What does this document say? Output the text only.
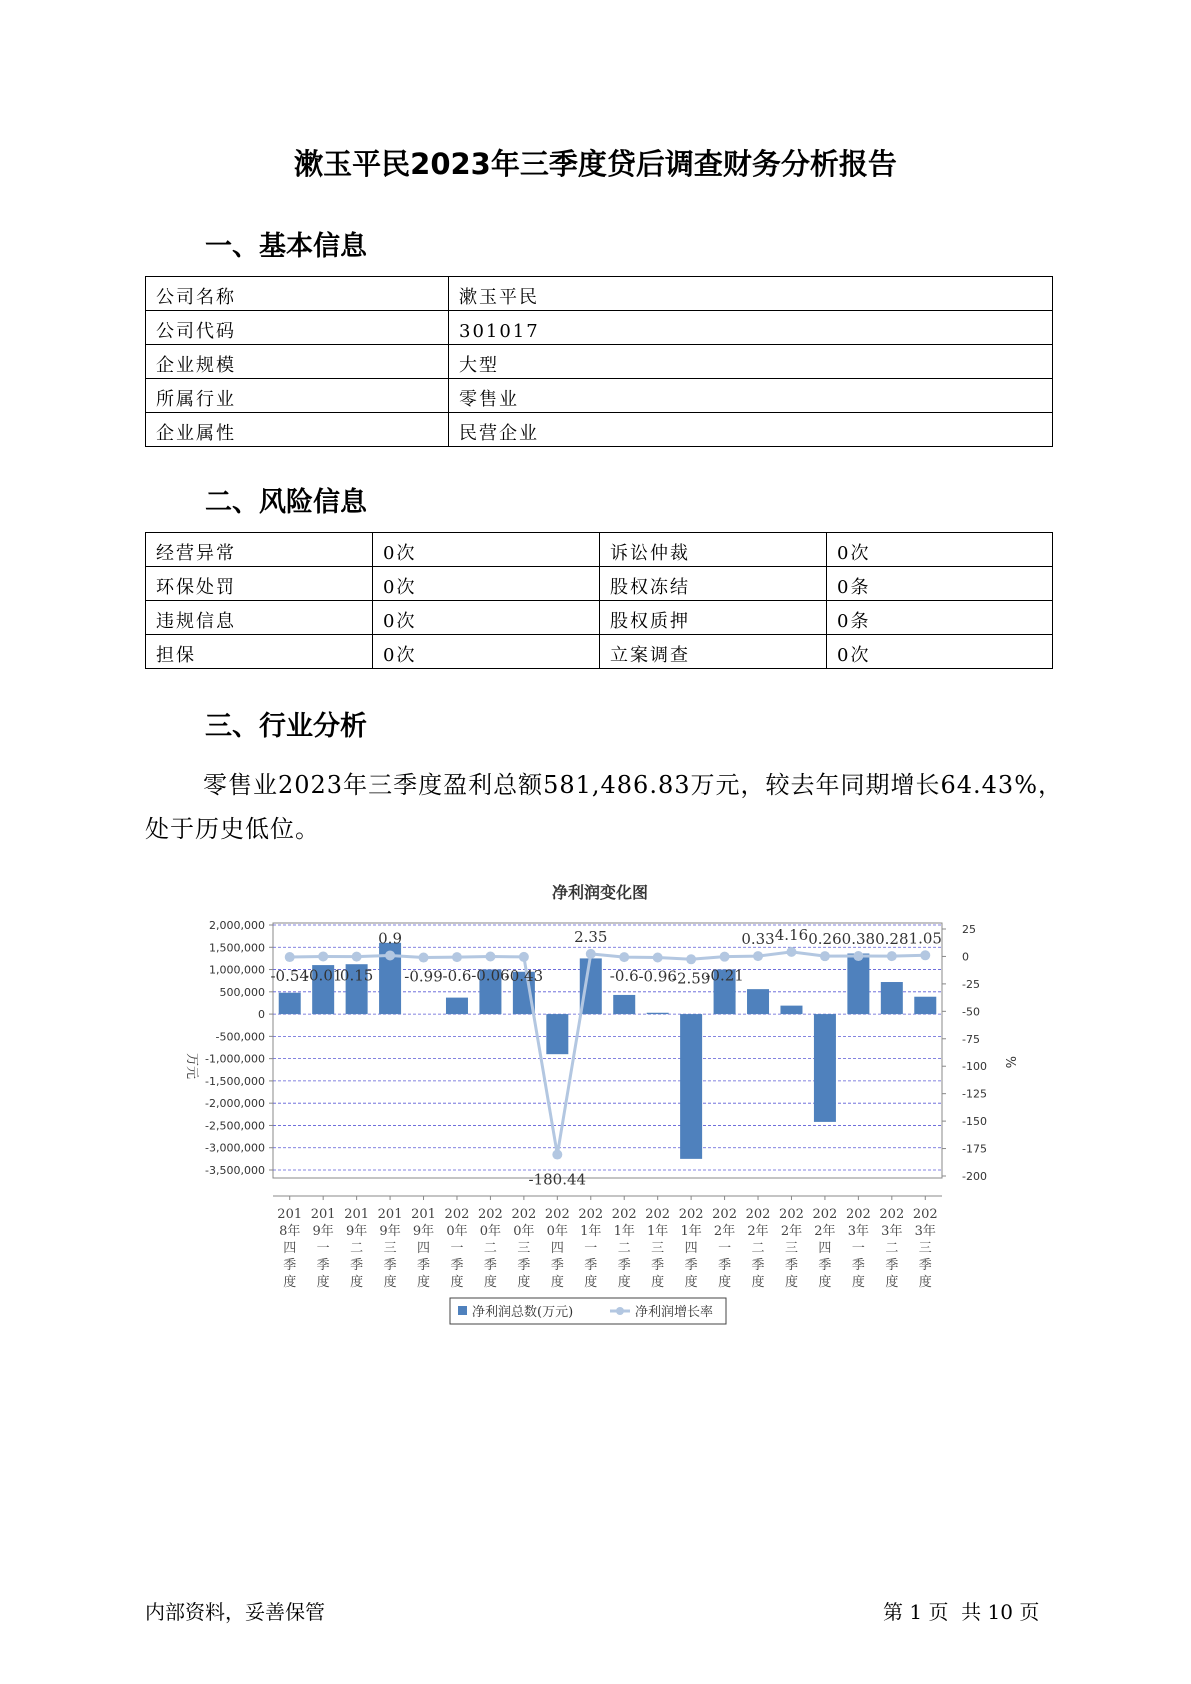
漱玉平民2023年三季度贷后调查财务分析报告
一、基本信息
公司名称	漱玉平民
公司代码	301017
企业规模	大型
所属行业	零售业
企业属性	民营企业
二、风险信息
经营异常	0次	诉讼仲裁	0次
环保处罚	0次	股权冻结	0条
违规信息	0次	股权质押	0条
担保	0次	立案调查	0次
三、行业分析
零售业2023年三季度盈利总额581,486.83万元，较去年同期增长64.43%，处于历史低位。
净利润变化图
2,000,000
1,500,000
1,000,000
500,000
0
-500,000
-1,000,000
-1,500,000
-2,000,000
-2,500,000
-3,000,000
-3,500,000
25
0
-25
-50
-75
-100
-125
-150
-175
-200
万元	%
-0.54
-0.01
0.15
0.9
-0.99 -0.6 -0.06
-0.43
-180.44
2.35
-0.6 -0.96
-2.59
-0.21
0.33 4.16 0.26 0.38 0.28 1.05
201
8年
四
季
度
201
9年
一
季
度
201
9年
二
季
度
201
9年
三
季
度
201
9年
四
季
度
202
0年
一
季
度
202
0年
二
季
度
202
0年
三
季
度
202
0年
四
季
度
202
1年
一
季
度
202
1年
二
季
度
202
1年
三
季
度
202
1年
四
季
度
202
2年
一
季
度
202
2年
二
季
度
202
2年
三
季
度
202
2年
四
季
度
202
3年
一
季
度
202
3年
二
季
度
202
3年
三
季
度
净利润总数(万元)	净利润增长率
内部资料，妥善保管	第 1 页  共 10 页
